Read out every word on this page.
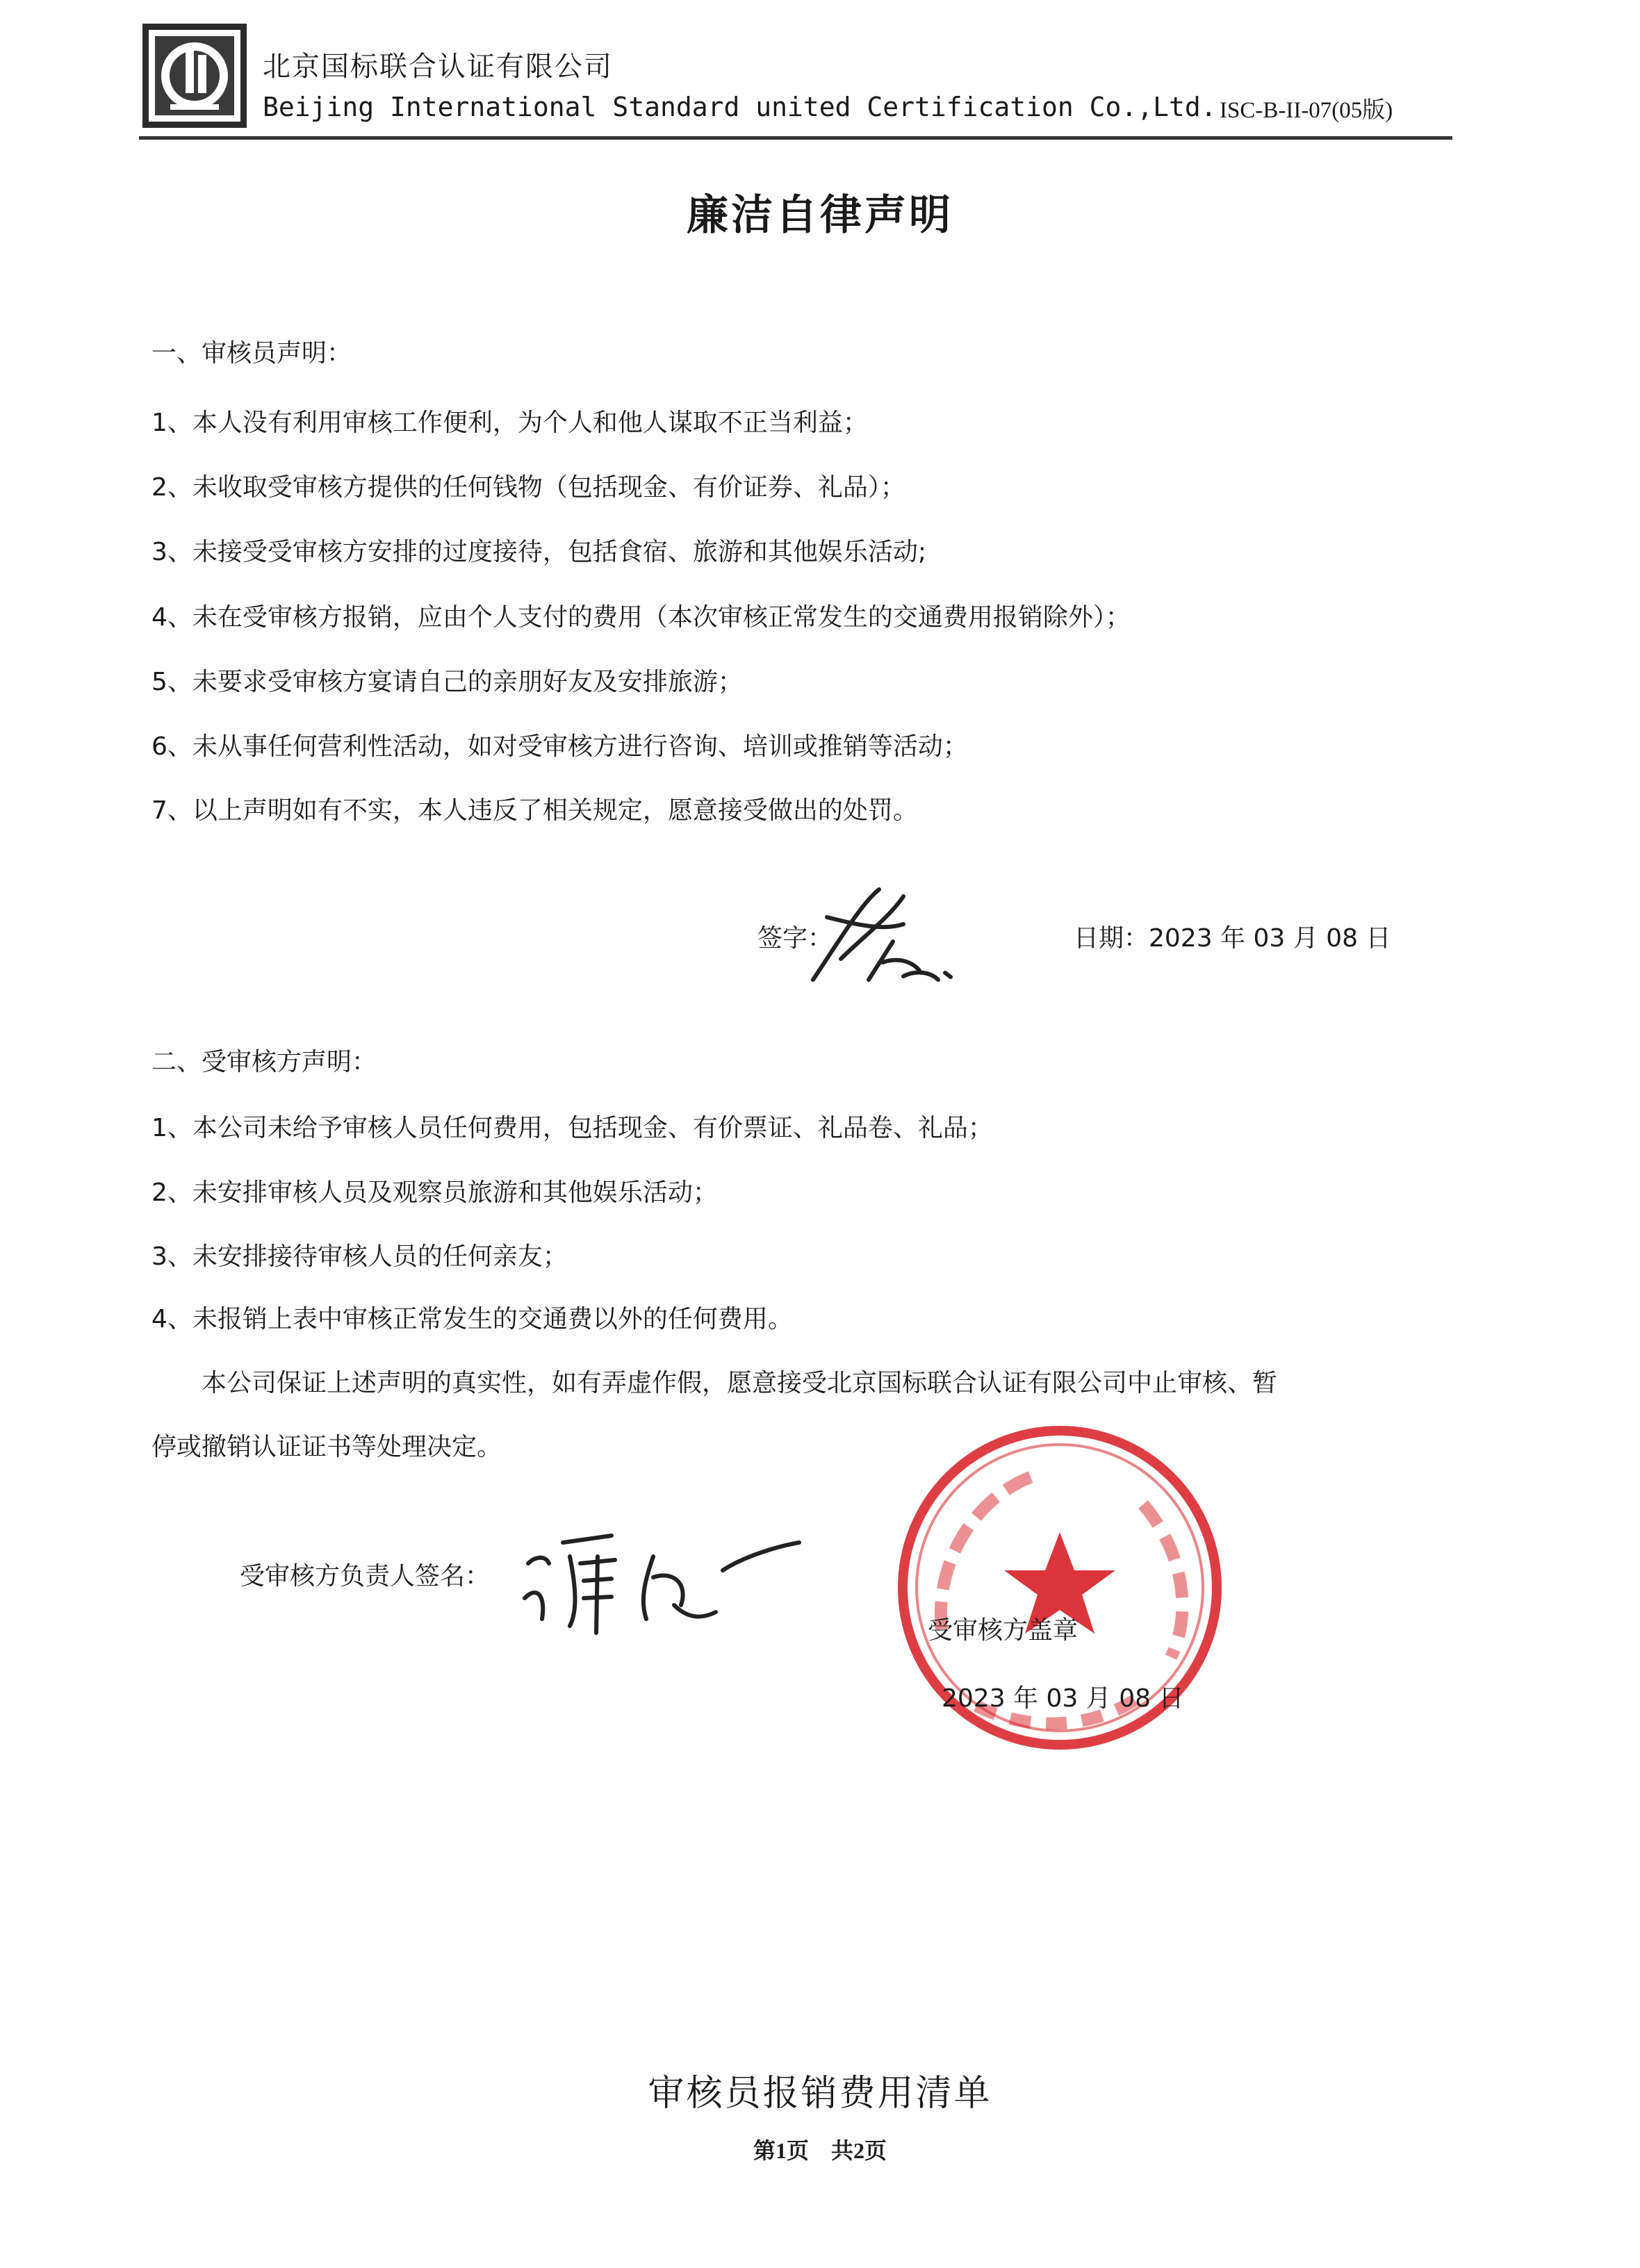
北京国标联合认证有限公司
Beijing International Standard united Certification Co.,Ltd. ISC-B-II-07(05版)
廉洁自律声明
一、审核员声明：
1、本人没有利用审核工作便利，为个人和他人谋取不正当利益；
2、未收取受审核方提供的任何钱物（包括现金、有价证券、礼品）；
3、未接受受审核方安排的过度接待，包括食宿、旅游和其他娱乐活动;
4、未在受审核方报销，应由个人支付的费用（本次审核正常发生的交通费用报销除外）；
5、未要求受审核方宴请自己的亲朋好友及安排旅游；
6、未从事任何营利性活动，如对受审核方进行咨询、培训或推销等活动；
7、以上声明如有不实，本人违反了相关规定，愿意接受做出的处罚。
签字：	日期：2023 年 03 月 08 日
二、受审核方声明：
1、本公司未给予审核人员任何费用，包括现金、有价票证、礼品卷、礼品；
2、未安排审核人员及观察员旅游和其他娱乐活动；
3、未安排接待审核人员的任何亲友；
4、未报销上表中审核正常发生的交通费以外的任何费用。
本公司保证上述声明的真实性，如有弄虚作假，愿意接受北京国标联合认证有限公司中止审核、暂
停或撤销认证证书等处理决定。
受审核方负责人签名：
受审核方盖章
2023 年 03 月 08 日
审核员报销费用清单
第1页　共2页
